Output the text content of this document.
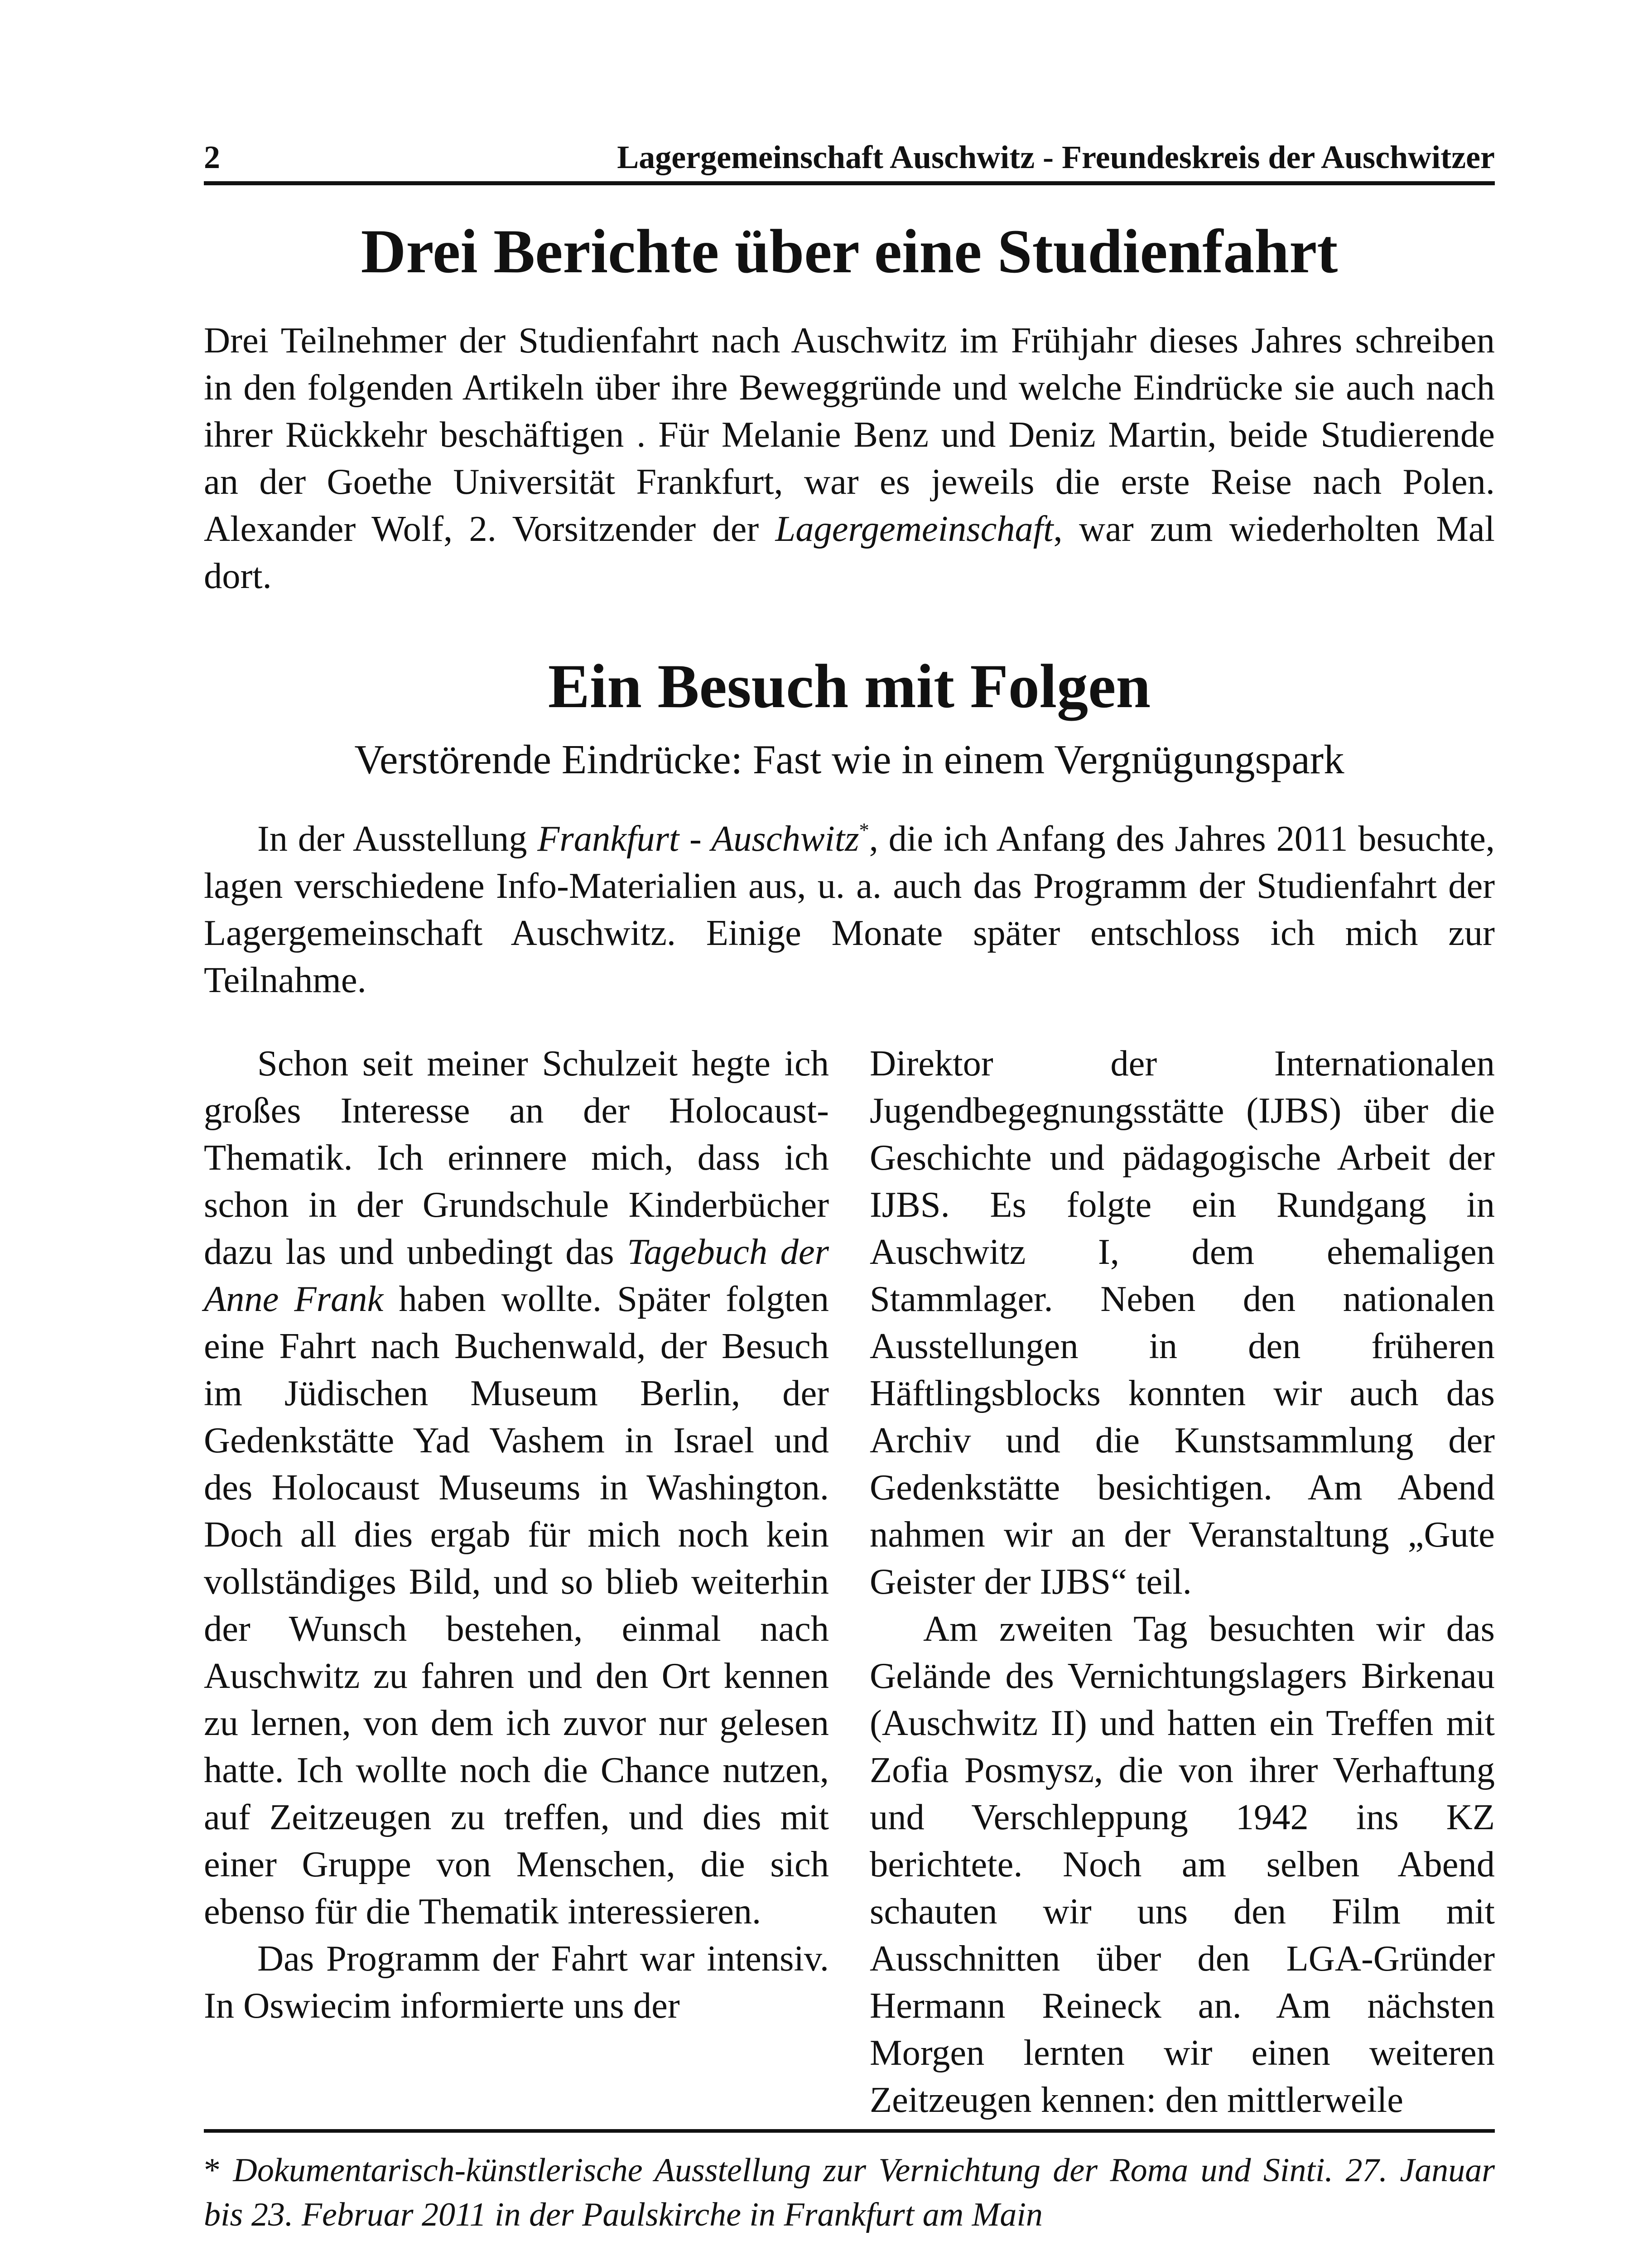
2	Lagergemeinschaft Auschwitz - Freundeskreis der Auschwitzer
Drei Berichte über eine Studienfahrt

Drei Teilnehmer der Studienfahrt nach Auschwitz im Frühjahr dieses Jahres schreiben in den folgenden Artikeln über ihre Beweggründe und welche Eindrücke sie auch nach ihrer Rückkehr beschäftigen . Für Melanie Benz und Deniz Martin, beide Studierende an der Goethe Universität Frankfurt, war es jeweils die erste Reise nach Polen. Alexander Wolf, 2. Vorsitzender der Lagergemeinschaft, war zum wiederholten Mal dort.

Ein Besuch mit Folgen

Verstörende Eindrücke: Fast wie in einem Vergnügungspark

In der Ausstellung Frankfurt - Auschwitz*, die ich Anfang des Jahres 2011 besuchte, lagen verschiedene Info-Materialien aus, u. a. auch das Programm der Studienfahrt der Lagergemeinschaft Auschwitz. Einige Monate später entschloss ich mich zur Teilnahme.

Schon seit meiner Schulzeit hegte ich großes Interesse an der Holocaust-Thematik. Ich erinnere mich, dass ich schon in der Grundschule Kinderbücher dazu las und unbedingt das Tagebuch der Anne Frank haben wollte. Später folgten eine Fahrt nach Buchenwald, der Besuch im Jüdischen Museum Berlin, der Gedenkstätte Yad Vashem in Israel und des Holocaust Museums in Washington. Doch all dies ergab für mich noch kein vollständiges Bild, und so blieb weiterhin der Wunsch bestehen, einmal nach Auschwitz zu fahren und den Ort kennen zu lernen, von dem ich zuvor nur gelesen hatte. Ich wollte noch die Chance nutzen, auf Zeitzeugen zu treffen, und dies mit einer Gruppe von Menschen, die sich ebenso für die Thematik interessieren.

Das Programm der Fahrt war intensiv. In Oswiecim informierte uns der

Direktor der Internationalen Jugendbegegnungsstätte (IJBS) über die Geschichte und pädagogische Arbeit der IJBS. Es folgte ein Rundgang in Auschwitz I, dem ehemaligen Stammlager. Neben den nationalen Ausstellungen in den früheren Häftlingsblocks konnten wir auch das Archiv und die Kunstsammlung der Gedenkstätte besichtigen. Am Abend nahmen wir an der Veranstaltung „Gute Geister der IJBS“ teil.

Am zweiten Tag besuchten wir das Gelände des Vernichtungslagers Birkenau (Auschwitz II) und hatten ein Treffen mit Zofia Posmysz, die von ihrer Verhaftung und Verschleppung 1942 ins KZ berichtete. Noch am selben Abend schauten wir uns den Film mit Ausschnitten über den LGA-Gründer Hermann Reineck an. Am nächsten Morgen lernten wir einen weiteren Zeitzeugen kennen: den mittlerweile

* Dokumentarisch-künstlerische Ausstellung zur Vernichtung der Roma und Sinti. 27. Januar bis 23. Februar 2011 in der Paulskirche in Frankfurt am Main
